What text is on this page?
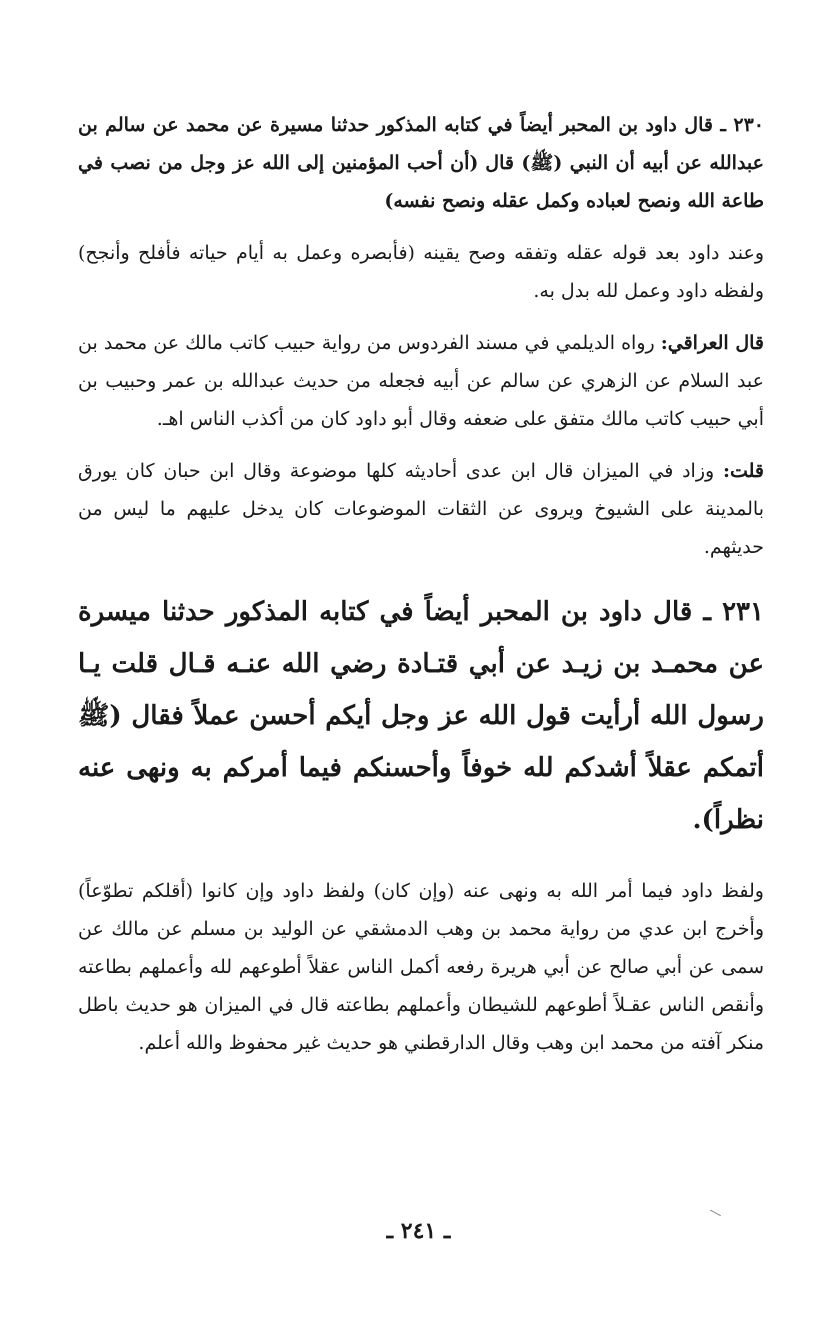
٢٣٠ ـ قال داود بن المحبر أيضاً في كتابه المذكور حدثنا مسيرة عن محمد عن سالم بن عبدالله عن أبيه أن النبي (ﷺ) قال (أن أحب المؤمنين إلى الله عز وجل من نصب في طاعة الله ونصح لعباده وكمل عقله ونصح نفسه)

وعند داود بعد قوله عقله وتفقه وصح يقينه (فأبصره وعمل به أيام حياته فأفلح وأنجح) ولفظه داود وعمل لله بدل به.

قال العراقي: رواه الديلمي في مسند الفردوس من رواية حبيب كاتب مالك عن محمد بن عبد السلام عن الزهري عن سالم عن أبيه فجعله من حديث عبدالله بن عمر وحبيب بن أبي حبيب كاتب مالك متفق على ضعفه وقال أبو داود كان من أكذب الناس اهـ.

قلت: وزاد في الميزان قال ابن عدى أحاديثه كلها موضوعة وقال ابن حبان كان يورق بالمدينة على الشيوخ ويروى عن الثقات الموضوعات كان يدخل عليهم ما ليس من حديثهم.

٢٣١ ـ قال داود بن المحبر أيضاً في كتابه المذكور حدثنا ميسرة عن محمـد بن زيـد عن أبي قتـادة رضي الله عنـه قـال قلت يـا رسول الله أرأيت قول الله عز وجل أيكم أحسن عملاً فقال (ﷺ أتمكم عقلاً أشدكم لله خوفاً وأحسنكم فيما أمركم به ونهى عنه نظراً).

ولفظ داود فيما أمر الله به ونهى عنه (وإن كان) ولفظ داود وإن كانوا (أقلكم تطوّعاً) وأخرج ابن عدي من رواية محمد بن وهب الدمشقي عن الوليد بن مسلم عن مالك عن سمى عن أبي صالح عن أبي هريرة رفعه أكمل الناس عقلاً أطوعهم لله وأعملهم بطاعته وأنقص الناس عقـلاً أطوعهم للشيطان وأعملهم بطاعته قال في الميزان هو حديث باطل منكر آفته من محمد ابن وهب وقال الدارقطني هو حديث غير محفوظ والله أعلم.

ـ ٢٤١ ـ
